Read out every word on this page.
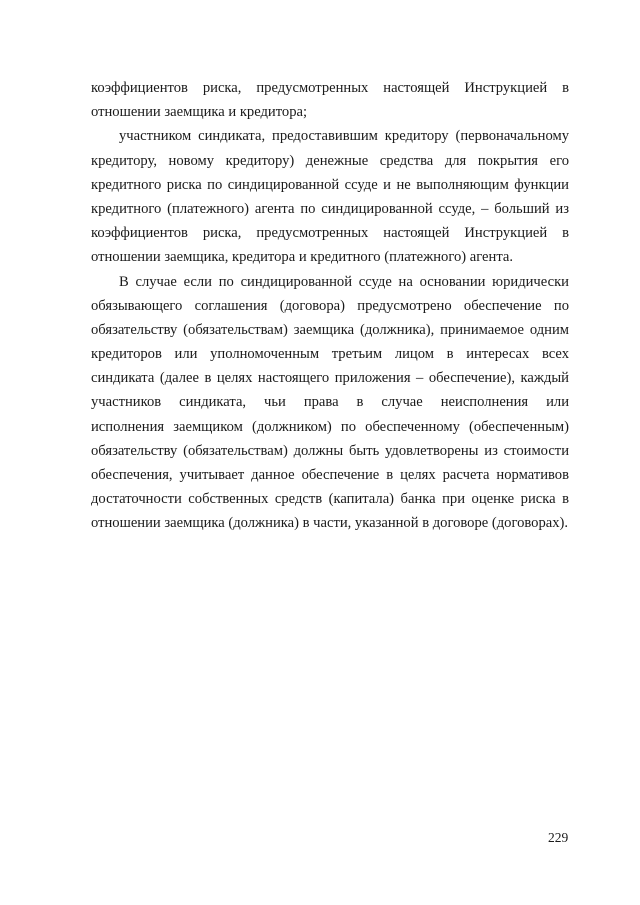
коэффициентов риска, предусмотренных настоящей Инструкцией в
отношении заемщика и кредитора;
участником синдиката, предоставившим кредитору (первоначальному
кредитору, новому кредитору) денежные средства для покрытия его
кредитного риска по синдицированной ссуде и не выполняющим функции
кредитного (платежного) агента по синдицированной ссуде, – больший из
коэффициентов риска, предусмотренных настоящей Инструкцией в
отношении заемщика, кредитора и кредитного (платежного) агента.
В случае если по синдицированной ссуде на основании юридически
обязывающего соглашения (договора) предусмотрено обеспечение по
обязательству (обязательствам) заемщика (должника), принимаемое одним
кредиторов или уполномоченным третьим лицом в интересах всех
синдиката (далее в целях настоящего приложения – обеспечение), каждый
участников синдиката, чьи права в случае неисполнения или
исполнения заемщиком (должником) по обеспеченному (обеспеченным)
обязательству (обязательствам) должны быть удовлетворены из стоимости
обеспечения, учитывает данное обеспечение в целях расчета нормативов
достаточности собственных средств (капитала) банка при оценке риска в
отношении заемщика (должника) в части, указанной в договоре (договорах).
229
